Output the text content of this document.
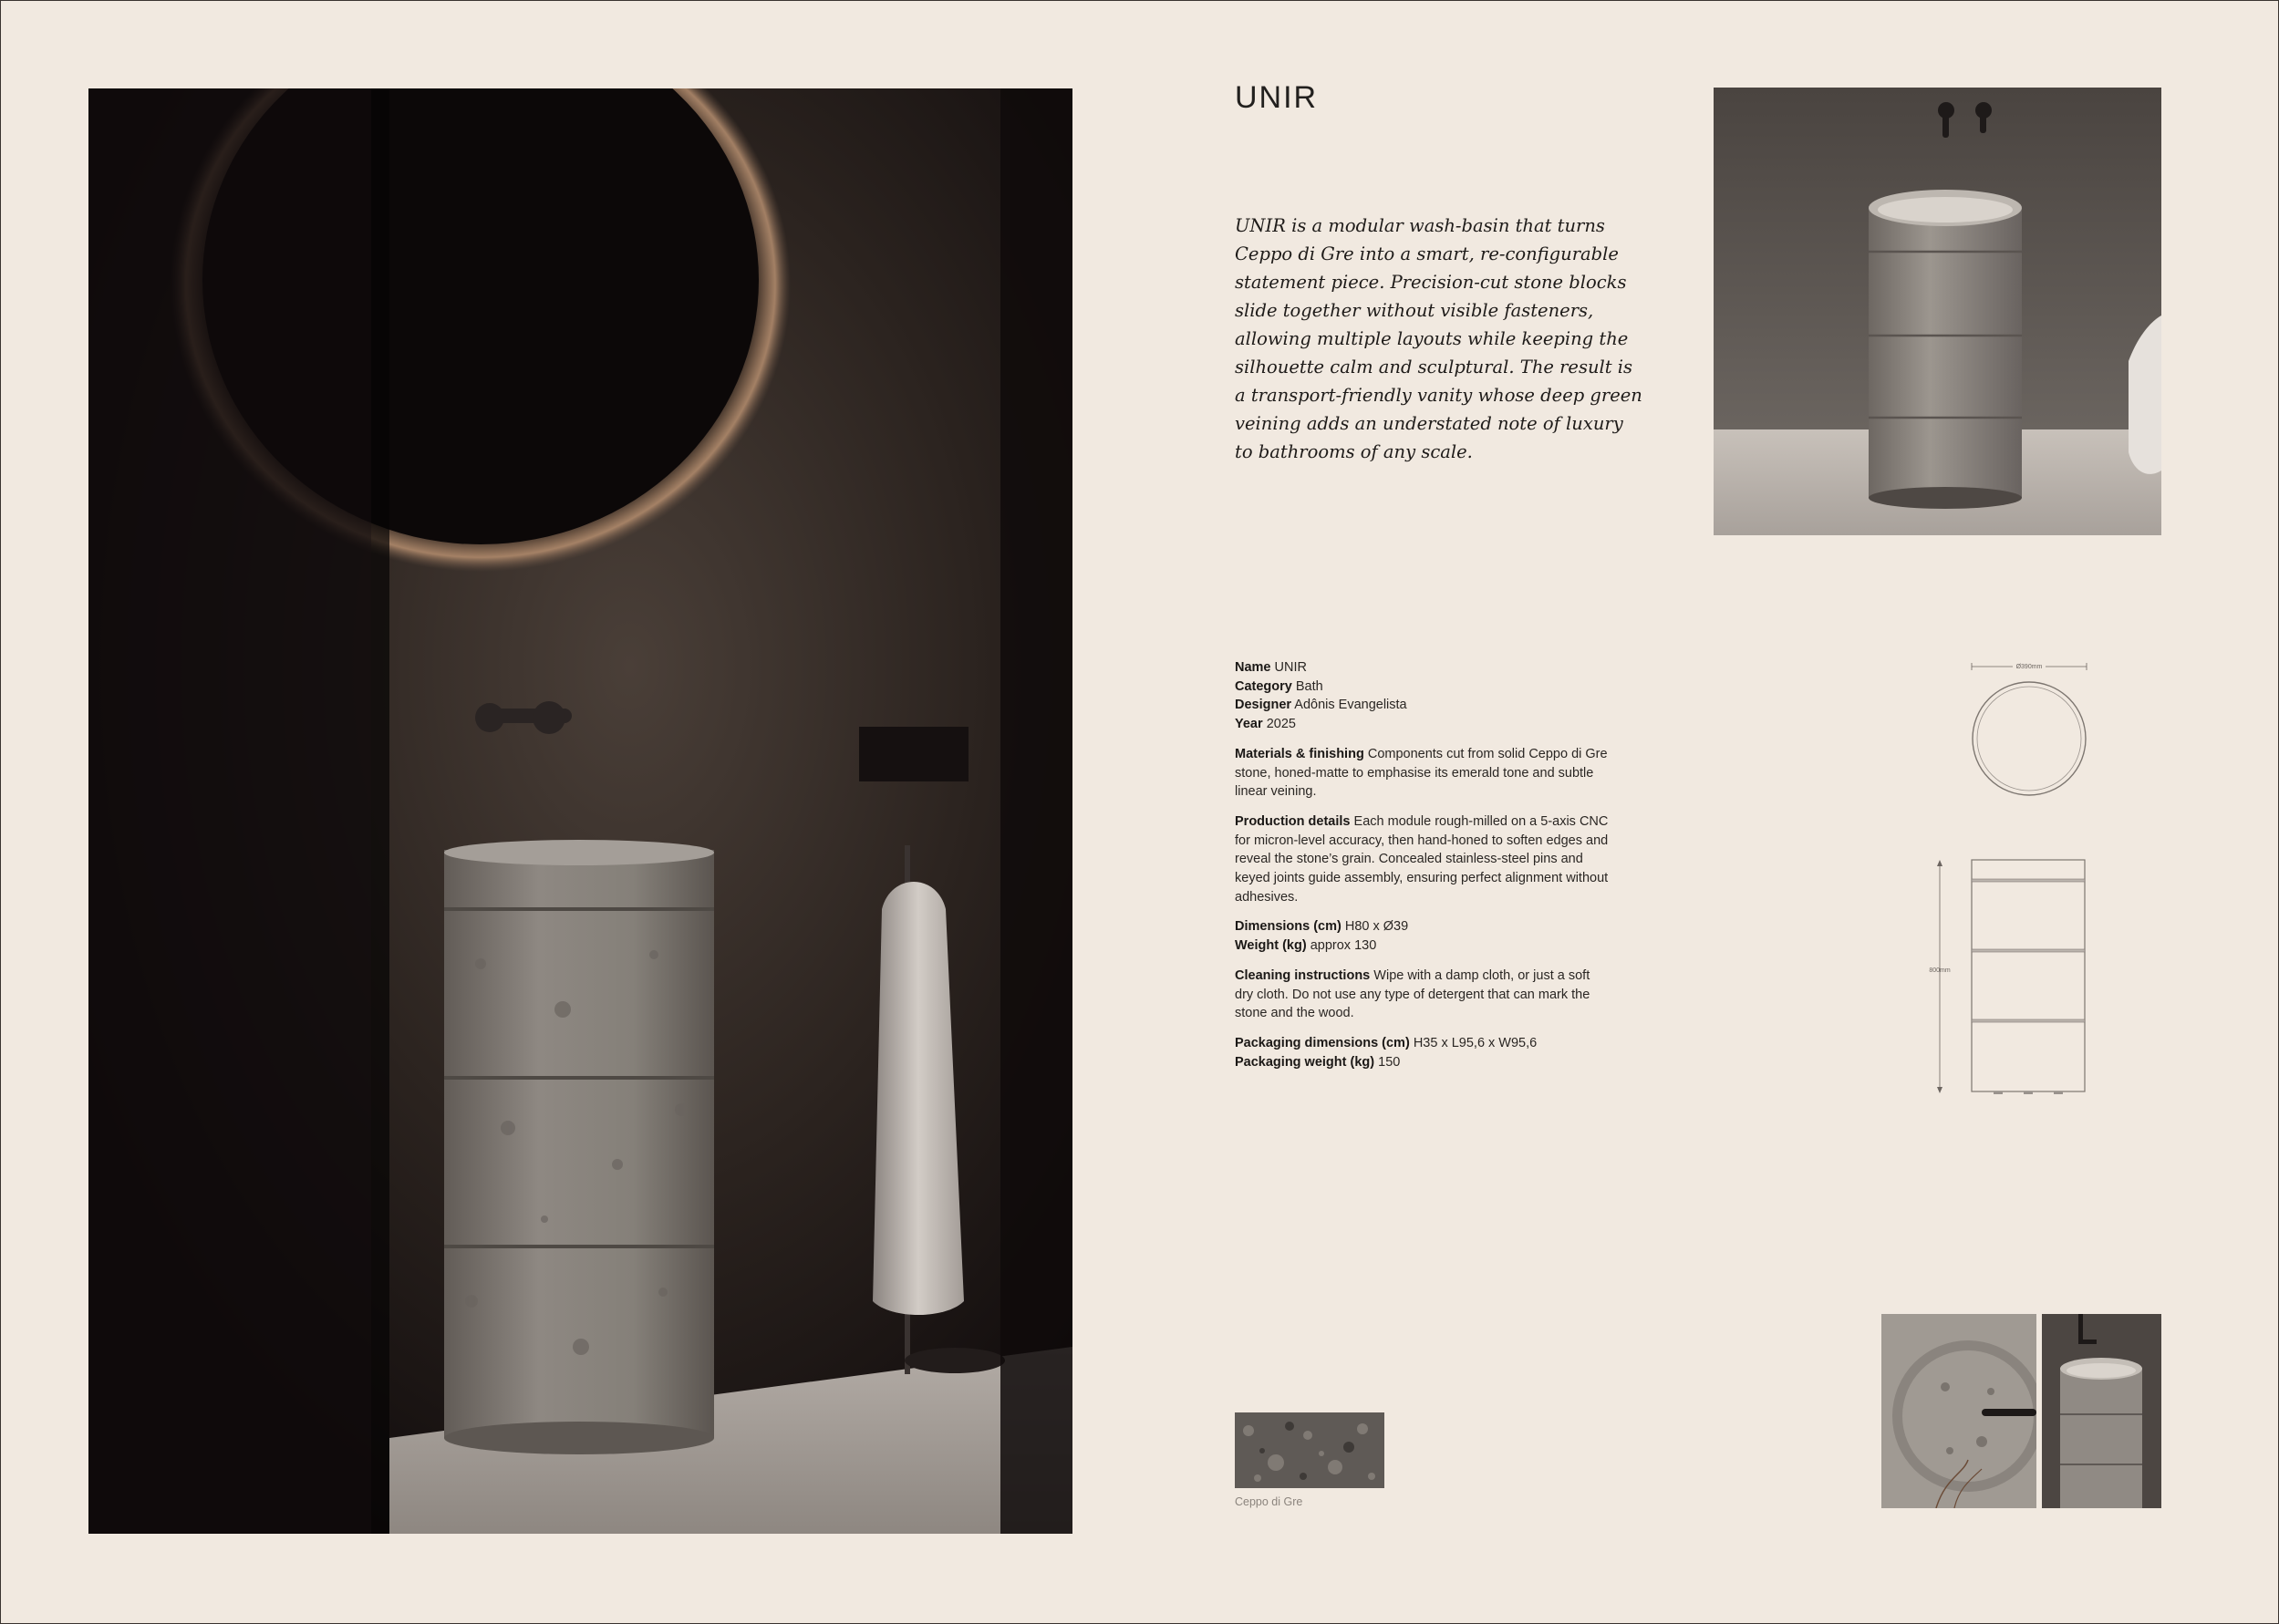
UNIR

UNIR is a modular wash-basin that turns Ceppo di Gre into a smart, re-configurable statement piece. Precision-cut stone blocks slide together without visible fasteners, allowing multiple layouts while keeping the silhouette calm and sculptural. The result is a transport-friendly vanity whose deep green veining adds an understated note of luxury to bathrooms of any scale.

Name UNIR
Category Bath
Designer Adônis Evangelista
Year 2025
Materials & finishing Components cut from solid Ceppo di Gre stone, honed-matte to emphasise its emerald tone and subtle linear veining.
Production details Each module rough-milled on a 5-axis CNC for micron-level accuracy, then hand-honed to soften edges and reveal the stone’s grain. Concealed stainless-steel pins and keyed joints guide assembly, ensuring perfect alignment without adhesives.
Dimensions (cm) H80 x Ø39
Weight (kg) approx 130
Cleaning instructions Wipe with a damp cloth, or just a soft dry cloth. Do not use any type of detergent that can mark the stone and the wood.
Packaging dimensions (cm) H35 x L95,6 x W95,6
Packaging weight (kg) 150
Ø390mm
800mm
Ceppo di Gre
